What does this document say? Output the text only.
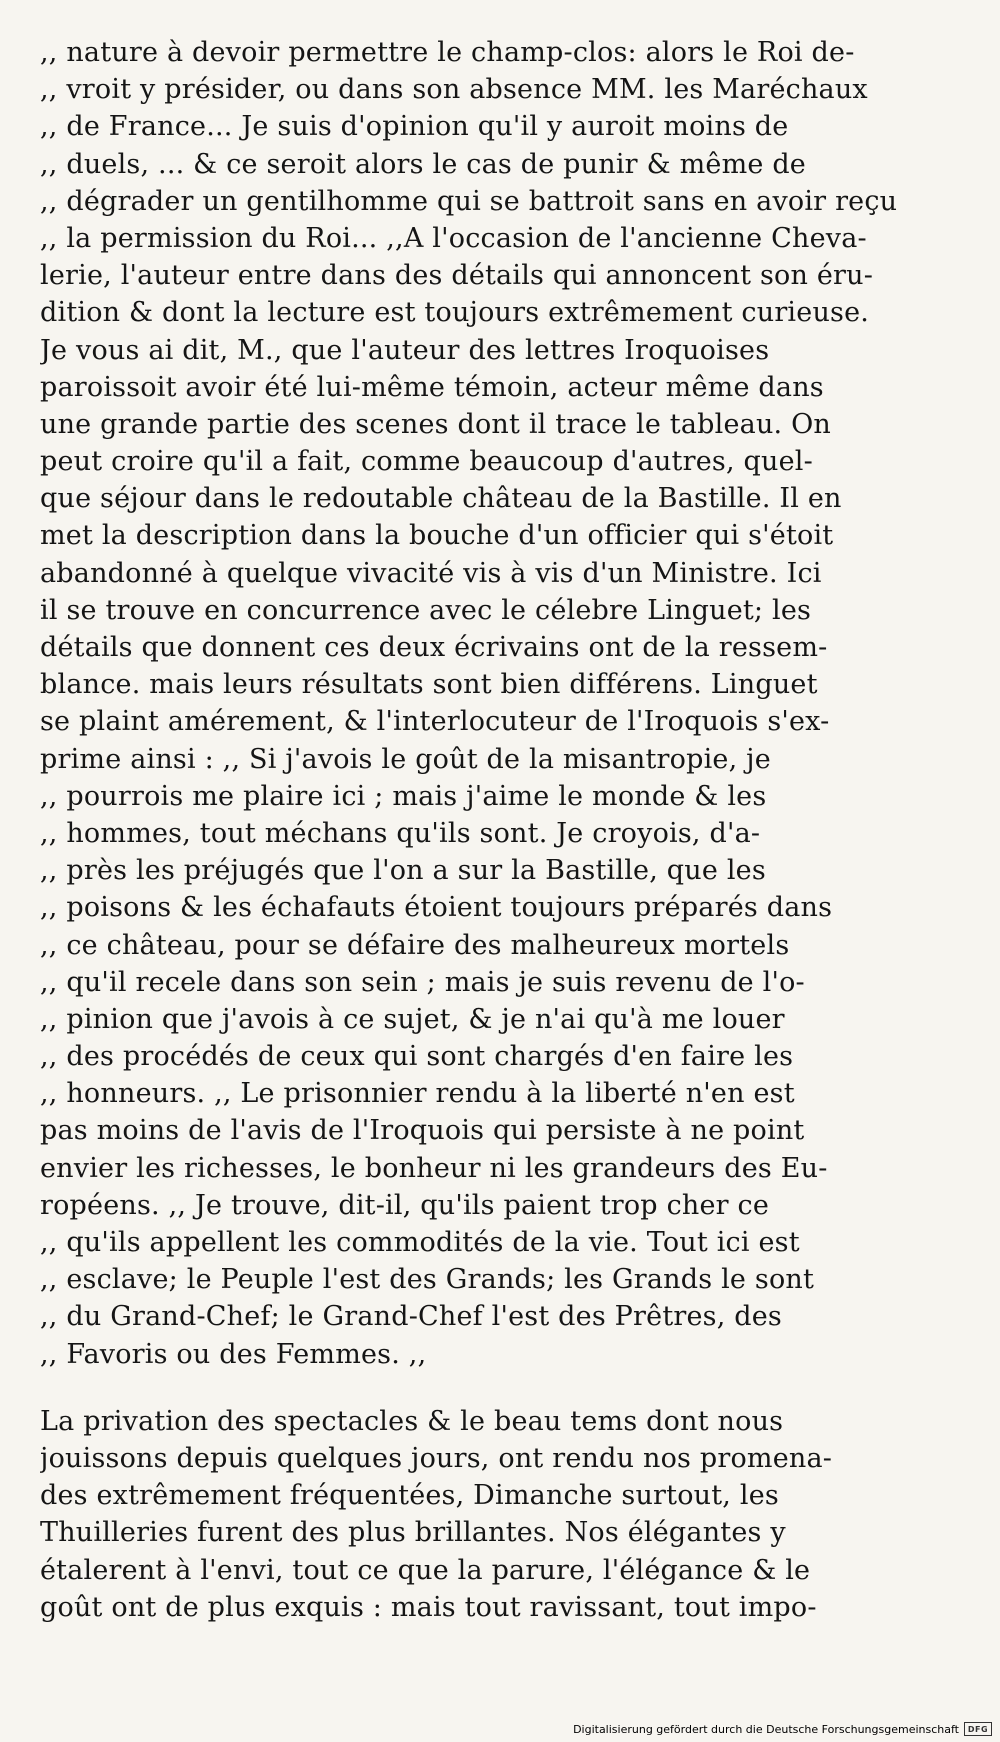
,, nature à devoir permettre le champ-clos: alors le Roi de-
,, vroit y présider, ou dans son absence MM. les Maréchaux
,, de France... Je suis d'opinion qu'il y auroit moins de
,, duels, ... & ce seroit alors le cas de punir & même de
,, dégrader un gentilhomme qui se battroit sans en avoir reçu
,, la permission du Roi... ,,A l'occasion de l'ancienne Cheva-
lerie, l'auteur entre dans des détails qui annoncent son éru-
dition & dont la lecture est toujours extrêmement curieuse.
Je vous ai dit, M., que l'auteur des lettres Iroquoises
paroissoit avoir été lui-même témoin, acteur même dans
une grande partie des scenes dont il trace le tableau. On
peut croire qu'il a fait, comme beaucoup d'autres, quel-
que séjour dans le redoutable château de la Bastille. Il en
met la description dans la bouche d'un officier qui s'étoit
abandonné à quelque vivacité vis à vis d'un Ministre. Ici
il se trouve en concurrence avec le célebre Linguet; les
détails que donnent ces deux écrivains ont de la ressem-
blance. mais leurs résultats sont bien différens. Linguet
se plaint amérement, & l'interlocuteur de l'Iroquois s'ex-
prime ainsi : ,, Si j'avois le goût de la misantropie, je
,, pourrois me plaire ici ; mais j'aime le monde & les
,, hommes, tout méchans qu'ils sont. Je croyois, d'a-
,, près les préjugés que l'on a sur la Bastille, que les
,, poisons & les échafauts étoient toujours préparés dans
,, ce château, pour se défaire des malheureux mortels
,, qu'il recele dans son sein ; mais je suis revenu de l'o-
,, pinion que j'avois à ce sujet, & je n'ai qu'à me louer
,, des procédés de ceux qui sont chargés d'en faire les
,, honneurs. ,, Le prisonnier rendu à la liberté n'en est
pas moins de l'avis de l'Iroquois qui persiste à ne point
envier les richesses, le bonheur ni les grandeurs des Eu-
ropéens. ,, Je trouve, dit-il, qu'ils paient trop cher ce
,, qu'ils appellent les commodités de la vie. Tout ici est
,, esclave; le Peuple l'est des Grands; les Grands le sont
,, du Grand-Chef; le Grand-Chef l'est des Prêtres, des
,, Favoris ou des Femmes. ,,
La privation des spectacles & le beau tems dont nous
jouissons depuis quelques jours, ont rendu nos promena-
des extrêmement fréquentées, Dimanche surtout, les
Thuilleries furent des plus brillantes. Nos élégantes y
étalerent à l'envi, tout ce que la parure, l'élégance & le
goût ont de plus exquis : mais tout ravissant, tout impo-
Digitalisierung gefördert durch die Deutsche Forschungsgemeinschaft	DFG
